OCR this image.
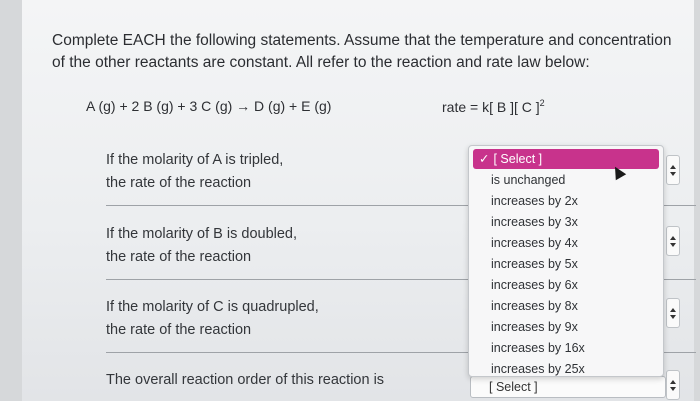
Complete EACH the following statements. Assume that the temperature and concentration of the other reactants are constant. All refer to the reaction and rate law below:
A (g) + 2 B (g) + 3 C (g) → D (g) + E (g)	rate = k[ B ][ C ]$^2$
If the molarity of A is tripled,
the rate of the reaction
If the molarity of B is doubled,
the rate of the reaction
If the molarity of C is quadrupled,
the rate of the reaction
The overall reaction order of this reaction is	[ Select ]
✓ [ Select ]
is unchanged
increases by 2x
increases by 3x
increases by 4x
increases by 5x
increases by 6x
increases by 8x
increases by 9x
increases by 16x
increases by 25x
